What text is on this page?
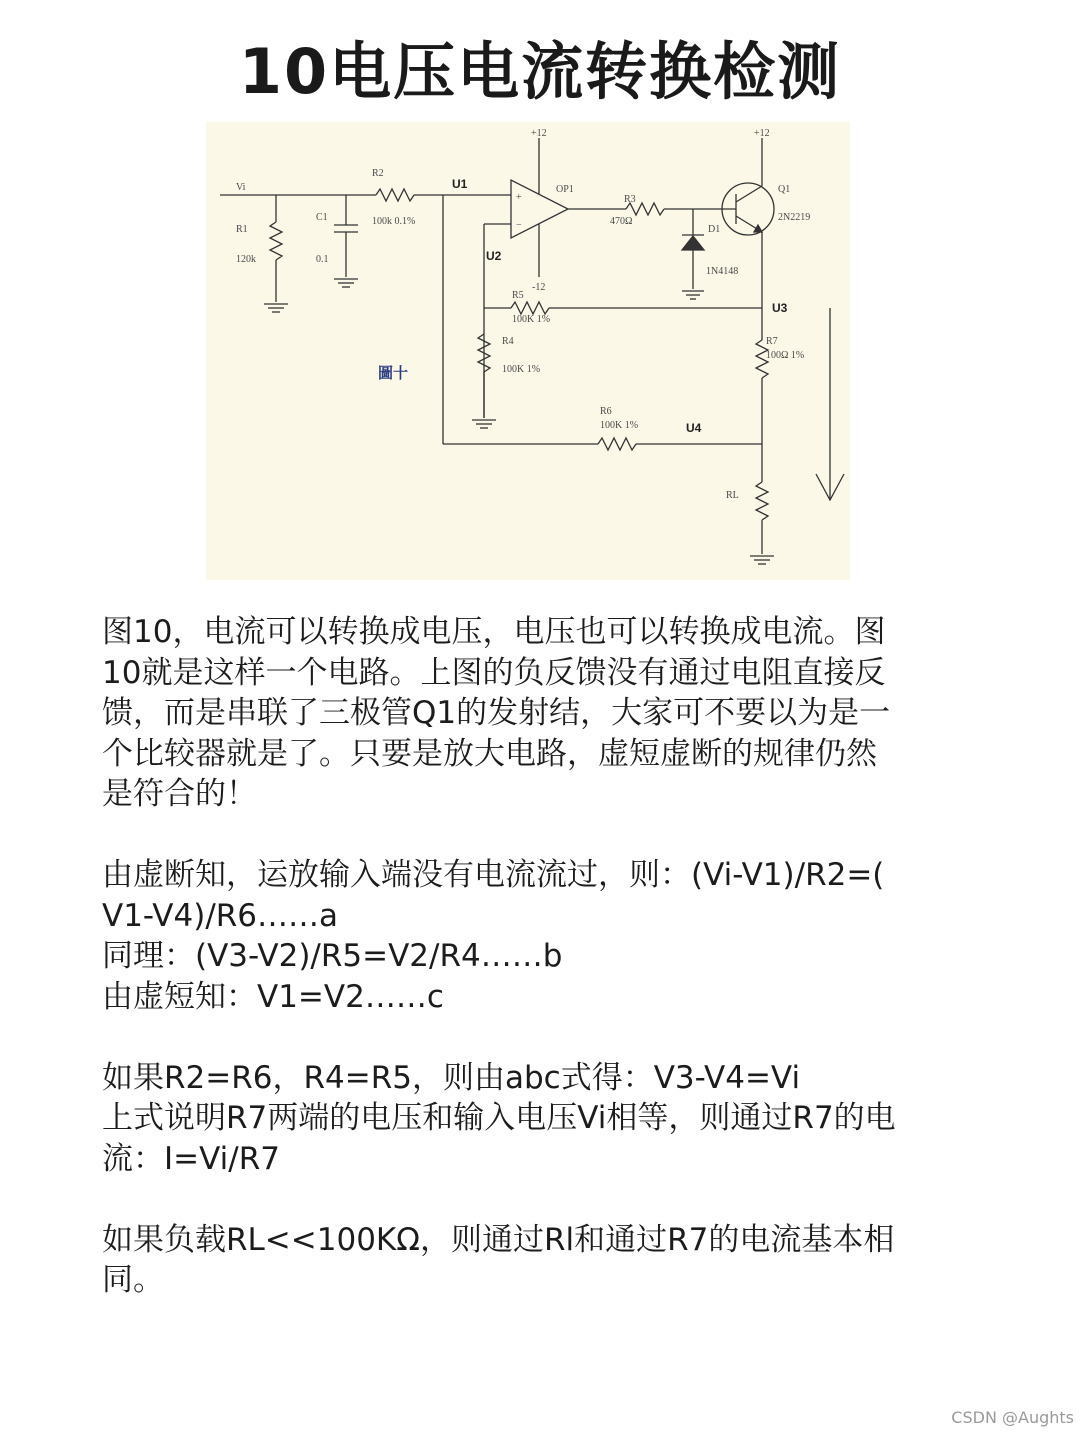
10电压电流转换检测
Vi
R1
120k
C1
0.1
R2
100k 0.1%
U1
U2
U3
U4
OP1
+
−
+12
-12
+12
R3
470Ω
Q1
2N2219
D1
1N4148
R5
100K 1%
R4
100K 1%
R7
100Ω 1%
R6
100K 1%
RL
圖十

图10，电流可以转换成电压，电压也可以转换成电流。图

10就是这样一个电路。上图的负反馈没有通过电阻直接反

馈，而是串联了三极管Q1的发射结，大家可不要以为是一

个比较器就是了。只要是放大电路，虚短虚断的规律仍然

是符合的！

由虚断知，运放输入端没有电流流过，则：(Vi-V1)/R2=(

V1-V4)/R6……a

同理：(V3-V2)/R5=V2/R4……b

由虚短知：V1=V2……c

如果R2=R6，R4=R5，则由abc式得：V3-V4=Vi

上式说明R7两端的电压和输入电压Vi相等，则通过R7的电

流：I=Vi/R7

如果负载RL<<100KΩ，则通过Rl和通过R7的电流基本相

同。

CSDN @Aughts
